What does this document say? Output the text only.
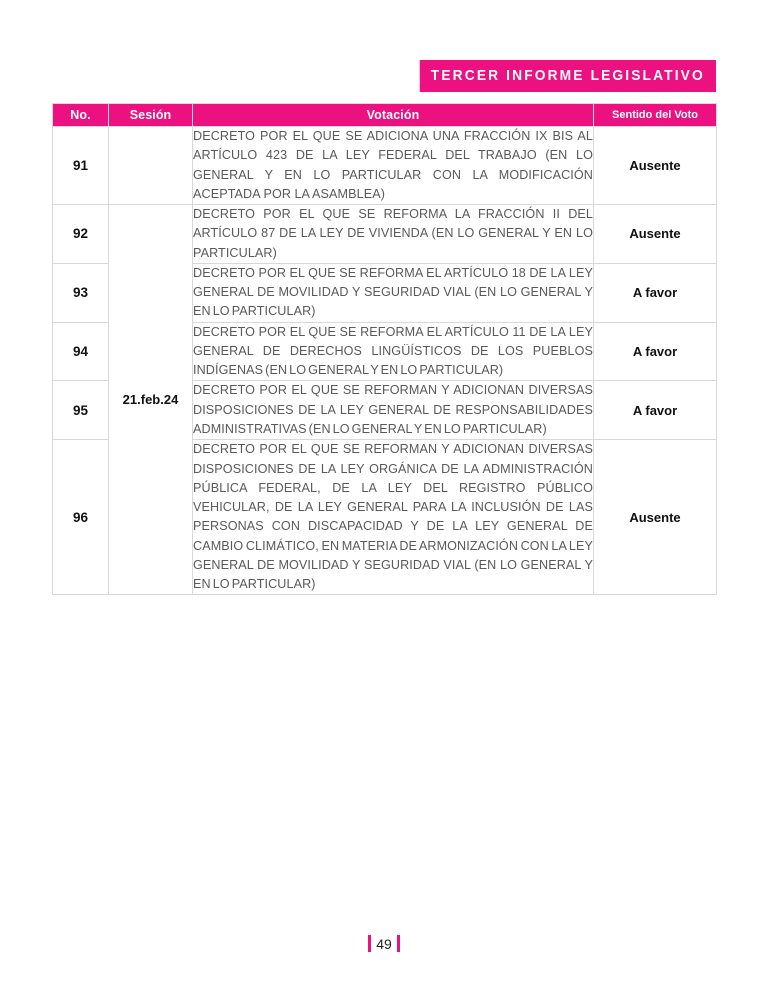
TERCER INFORME LEGISLATIVO
No.	Sesión	Votación	Sentido del Voto
91		DECRETO POR EL QUE SE ADICIONA UNA FRACCIÓN IX BIS AL ARTÍCULO 423 DE LA LEY FEDERAL DEL TRABAJO (EN LO GENERAL Y EN LO PARTICULAR CON LA MODIFICACIÓN ACEPTADA POR LA ASAMBLEA)	Ausente
92	21.feb.24	DECRETO POR EL QUE SE REFORMA LA FRACCIÓN II DEL ARTÍCULO 87 DE LA LEY DE VIVIENDA (EN LO GENERAL Y EN LO PARTICULAR)	Ausente
93		DECRETO POR EL QUE SE REFORMA EL ARTÍCULO 18 DE LA LEY GENERAL DE MOVILIDAD Y SEGURIDAD VIAL (EN LO GENERAL Y EN LO PARTICULAR)	A favor
94		DECRETO POR EL QUE SE REFORMA EL ARTÍCULO 11 DE LA LEY GENERAL DE DERECHOS LINGÜÍSTICOS DE LOS PUEBLOS INDÍGENAS (EN LO GENERAL Y EN LO PARTICULAR)	A favor
95		DECRETO POR EL QUE SE REFORMAN Y ADICIONAN DIVERSAS DISPOSICIONES DE LA LEY GENERAL DE RESPONSABILIDADES ADMINISTRATIVAS (EN LO GENERAL Y EN LO PARTICULAR)	A favor
96		DECRETO POR EL QUE SE REFORMAN Y ADICIONAN DIVERSAS DISPOSICIONES DE LA LEY ORGÁNICA DE LA ADMINISTRACIÓN PÚBLICA FEDERAL, DE LA LEY DEL REGISTRO PÚBLICO VEHICULAR, DE LA LEY GENERAL PARA LA INCLUSIÓN DE LAS PERSONAS CON DISCAPACIDAD Y DE LA LEY GENERAL DE CAMBIO CLIMÁTICO, EN MATERIA DE ARMONIZACIÓN CON LA LEY GENERAL DE MOVILIDAD Y SEGURIDAD VIAL (EN LO GENERAL Y EN LO PARTICULAR)	Ausente
49
